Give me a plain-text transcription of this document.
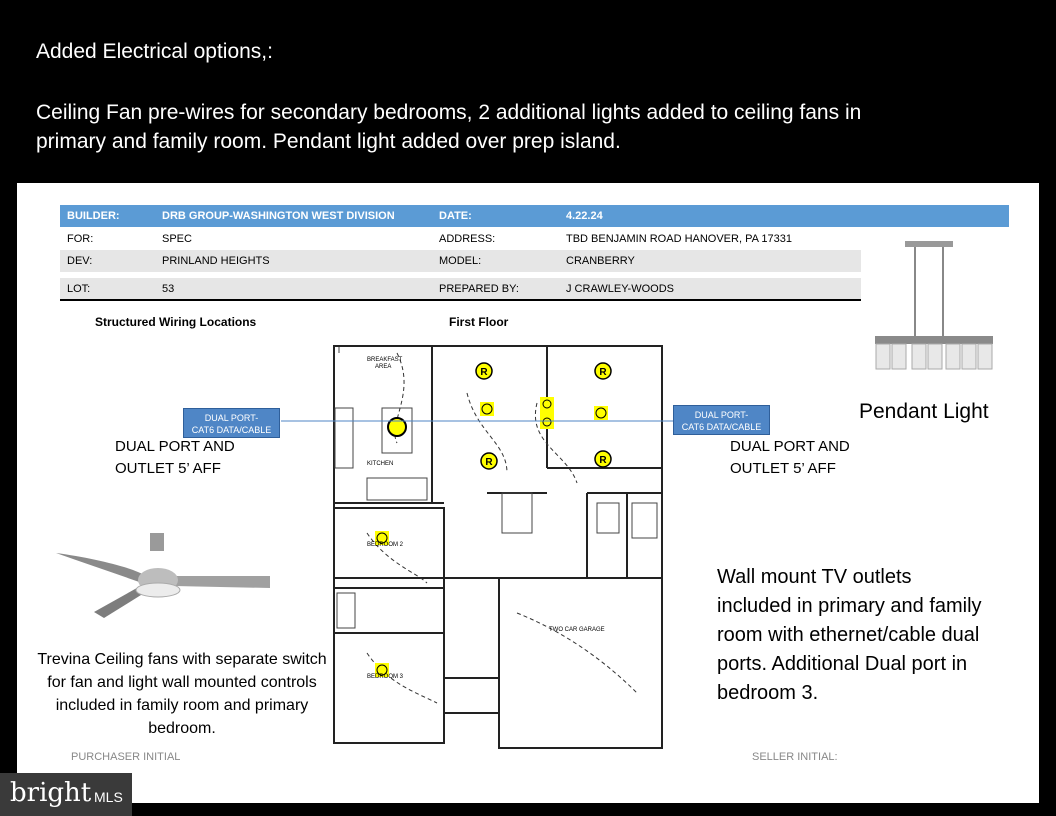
Added Electrical options,:
Ceiling Fan pre-wires for secondary bedrooms, 2 additional lights added to ceiling fans in
primary and family room. Pendant light added over prep island.
BUILDER:	DRB GROUP-WASHINGTON WEST DIVISION	DATE:	4.22.24
FOR:	SPEC	ADDRESS:	TBD BENJAMIN ROAD HANOVER, PA 17331
DEV:	PRINLAND HEIGHTS	MODEL:	CRANBERRY
LOT:	53	PREPARED BY:	J CRAWLEY-WOODS
Structured Wiring Locations	First Floor
R	R
R	R
BREAKFAST
AREA
KITCHEN
BEDROOM 2
BEDROOM 3
TWO CAR GARAGE
DUAL PORT-
CAT6 DATA/CABLE
DUAL PORT-
CAT6 DATA/CABLE
DUAL PORT AND
OUTLET 5’ AFF
DUAL PORT AND
OUTLET 5’ AFF
Pendant Light
Wall mount TV outlets included in primary and family room with ethernet/cable dual ports. Additional Dual port in bedroom 3.
Trevina Ceiling fans with separate switch for fan and light wall mounted controls included in family room and primary bedroom.
PURCHASER INITIAL	SELLER INITIAL:
bright MLS
